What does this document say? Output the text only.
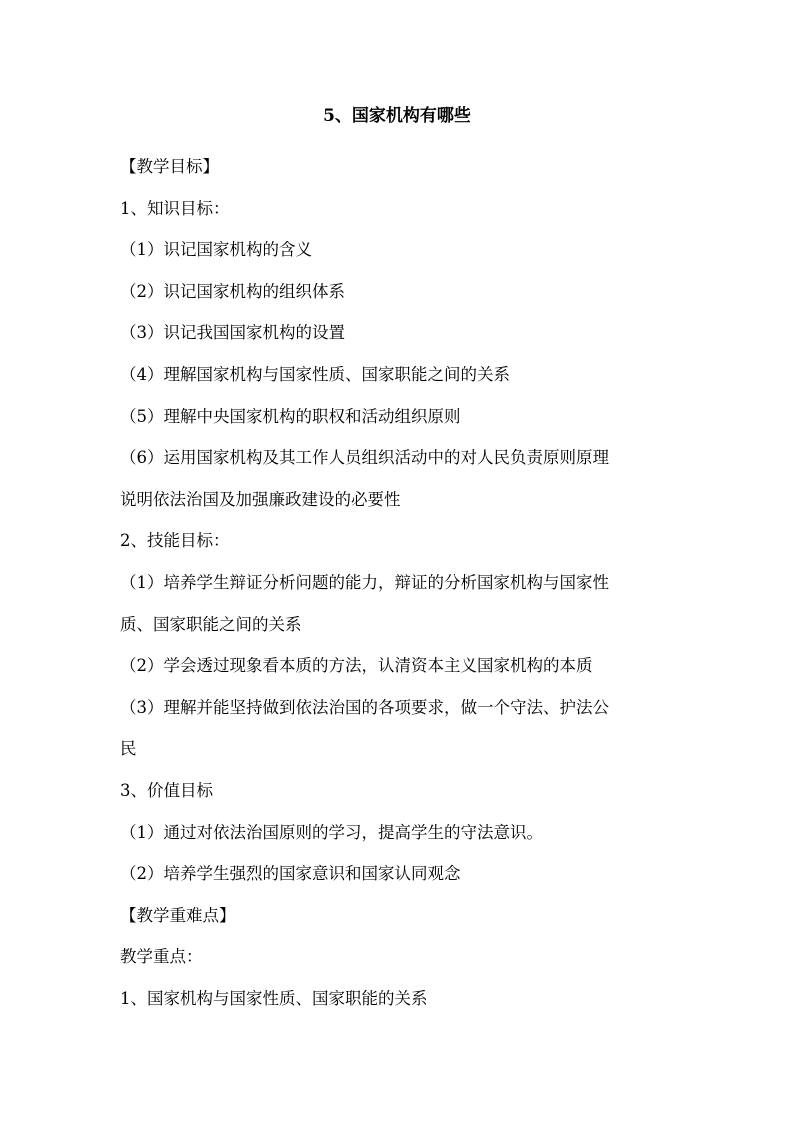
5、国家机构有哪些
【教学目标】
1、知识目标：
（1）识记国家机构的含义
（2）识记国家机构的组织体系
（3）识记我国国家机构的设置
（4）理解国家机构与国家性质、国家职能之间的关系
（5）理解中央国家机构的职权和活动组织原则
（6）运用国家机构及其工作人员组织活动中的对人民负责原则原理
说明依法治国及加强廉政建设的必要性
2、技能目标：
（1）培养学生辩证分析问题的能力，辩证的分析国家机构与国家性
质、国家职能之间的关系
（2）学会透过现象看本质的方法，认清资本主义国家机构的本质
（3）理解并能坚持做到依法治国的各项要求，做一个守法、护法公
民
3、价值目标
（1）通过对依法治国原则的学习，提高学生的守法意识。
（2）培养学生强烈的国家意识和国家认同观念
【教学重难点】
教学重点：
1、国家机构与国家性质、国家职能的关系
